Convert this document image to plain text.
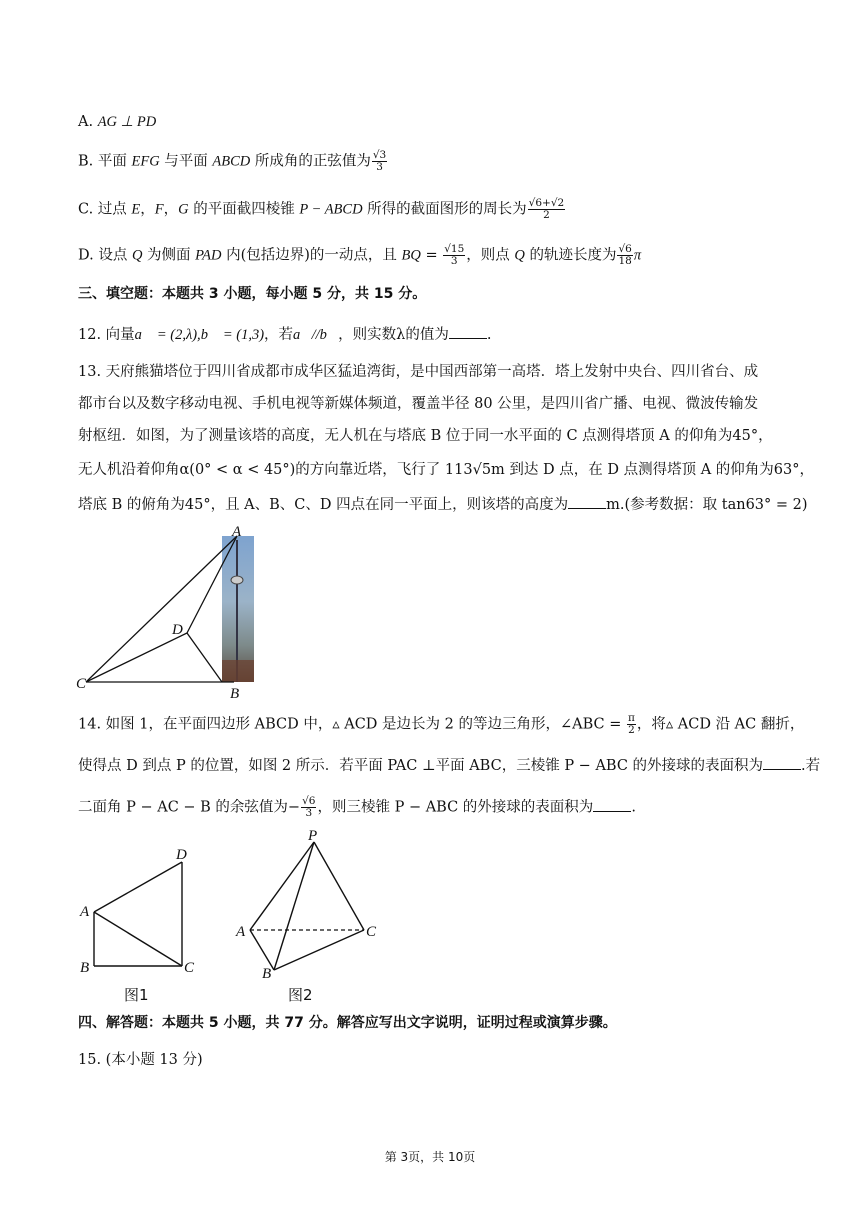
A. AG ⊥ PD
B. 平面 EFG 与平面 ABCD 所成角的正弦值为 $\frac{√3}{3}$
C. 过点 E，F，G 的平面截四棱锥 P − ABCD 所得的截面图形的周长为 $\frac{√6+√2}{2}$
D. 设点 Q 为侧面 PAD 内(包括边界)的一动点，且 BQ = $\frac{√15}{3}$ ，则点 Q 的轨迹长度为 $\frac{√6}{18}$ π
三、填空题：本题共 3 小题，每小题 5 分，共 15 分。
12. 向量a⃗ = (2,λ),b⃗ = (1,3)，若a⃗//b⃗，则实数λ的值为	.
13. 天府熊猫塔位于四川省成都市成华区猛追湾街，是中国西部第一高塔．塔上发射中央台、四川省台、成
都市台以及数字移动电视、手机电视等新媒体频道，覆盖半径 80 公里，是四川省广播、电视、微波传输发
射枢纽．如图，为了测量该塔的高度，无人机在与塔底 B 位于同一水平面的 C 点测得塔顶 A 的仰角为45°，
无人机沿着仰角α(0° < α < 45°)的方向靠近塔，飞行了 113√5m 到达 D 点，在 D 点测得塔顶 A 的仰角为63°，
塔底 B 的俯角为45°，且 A、B、C、D 四点在同一平面上，则该塔的高度为	m.(参考数据：取 tan63° = 2)
A
D
C
B
14. 如图 1，在平面四边形 ABCD 中，▵ ACD 是边长为 2 的等边三角形，∠ABC = $\frac{\pi}{2}$ ，将▵ ACD 沿 AC 翻折，
使得点 D 到点 P 的位置，如图 2 所示．若平面 PAC ⊥平面 ABC，三棱锥 P − ABC 的外接球的表面积为	.若
二面角 P − AC − B 的余弦值为− $\frac{√6}{3}$ ，则三棱锥 P − ABC 的外接球的表面积为	.
D
A
B	C
图1
P
A	C
B
图2
四、解答题：本题共 5 小题，共 77 分。解答应写出文字说明，证明过程或演算步骤。
15. (本小题 13 分)
第 3页，共 10页
